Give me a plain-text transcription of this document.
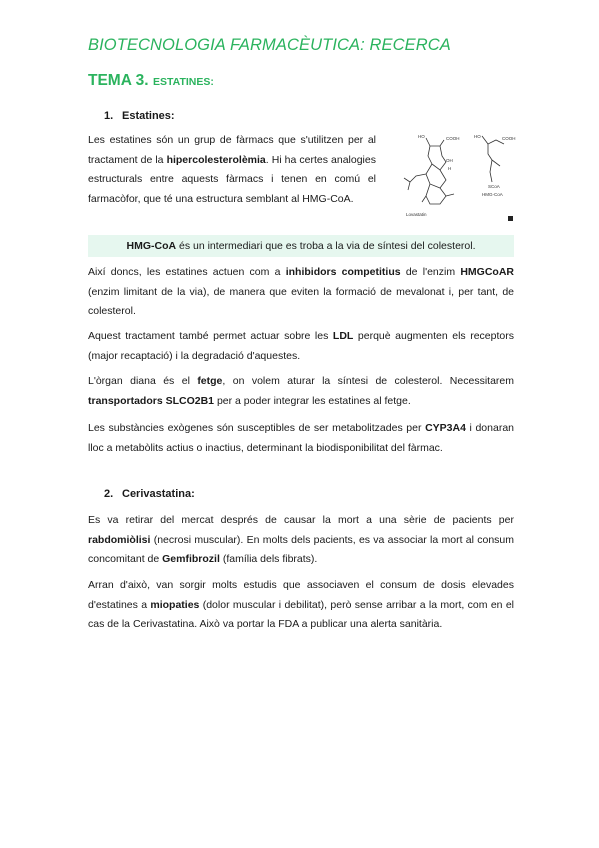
BIOTECNOLOGIA FARMACÈUTICA: RECERCA
TEMA 3. ESTATINES:
1. Estatines:

Les estatines són un grup de fàrmacs que s'utilitzen per al tractament de la hipercolesterolèmia. Hi ha certes analogies estructurals entre aquests fàrmacs i tenen en comú el farmacòfor, que té una estructura semblant al HMG-CoA.

HO	COOH
OH
H
HO	COOH
SCoA
Lovastatin
HMG-CoA
HMG-CoA és un intermediari que es troba a la via de síntesi del colesterol.

Així doncs, les estatines actuen com a inhibidors competitius de l'enzim HMGCoAR (enzim limitant de la via), de manera que eviten la formació de mevalonat i, per tant, de colesterol.

Aquest tractament també permet actuar sobre les LDL perquè augmenten els receptors (major recaptació) i la degradació d'aquestes.

L'òrgan diana és el fetge, on volem aturar la síntesi de colesterol. Necessitarem transportadors SLCO2B1 per a poder integrar les estatines al fetge.

Les substàncies exògenes són susceptibles de ser metabolitzades per CYP3A4 i donaran lloc a metabòlits actius o inactius, determinant la biodisponibilitat del fàrmac.

2. Cerivastatina:

Es va retirar del mercat després de causar la mort a una sèrie de pacients per rabdomiòlisi (necrosi muscular). En molts dels pacients, es va associar la mort al consum concomitant de Gemfibrozil (família dels fibrats).

Arran d'això, van sorgir molts estudis que associaven el consum de dosis elevades d'estatines a miopaties (dolor muscular i debilitat), però sense arribar a la mort, com en el cas de la Cerivastatina. Això va portar la FDA a publicar una alerta sanitària.
